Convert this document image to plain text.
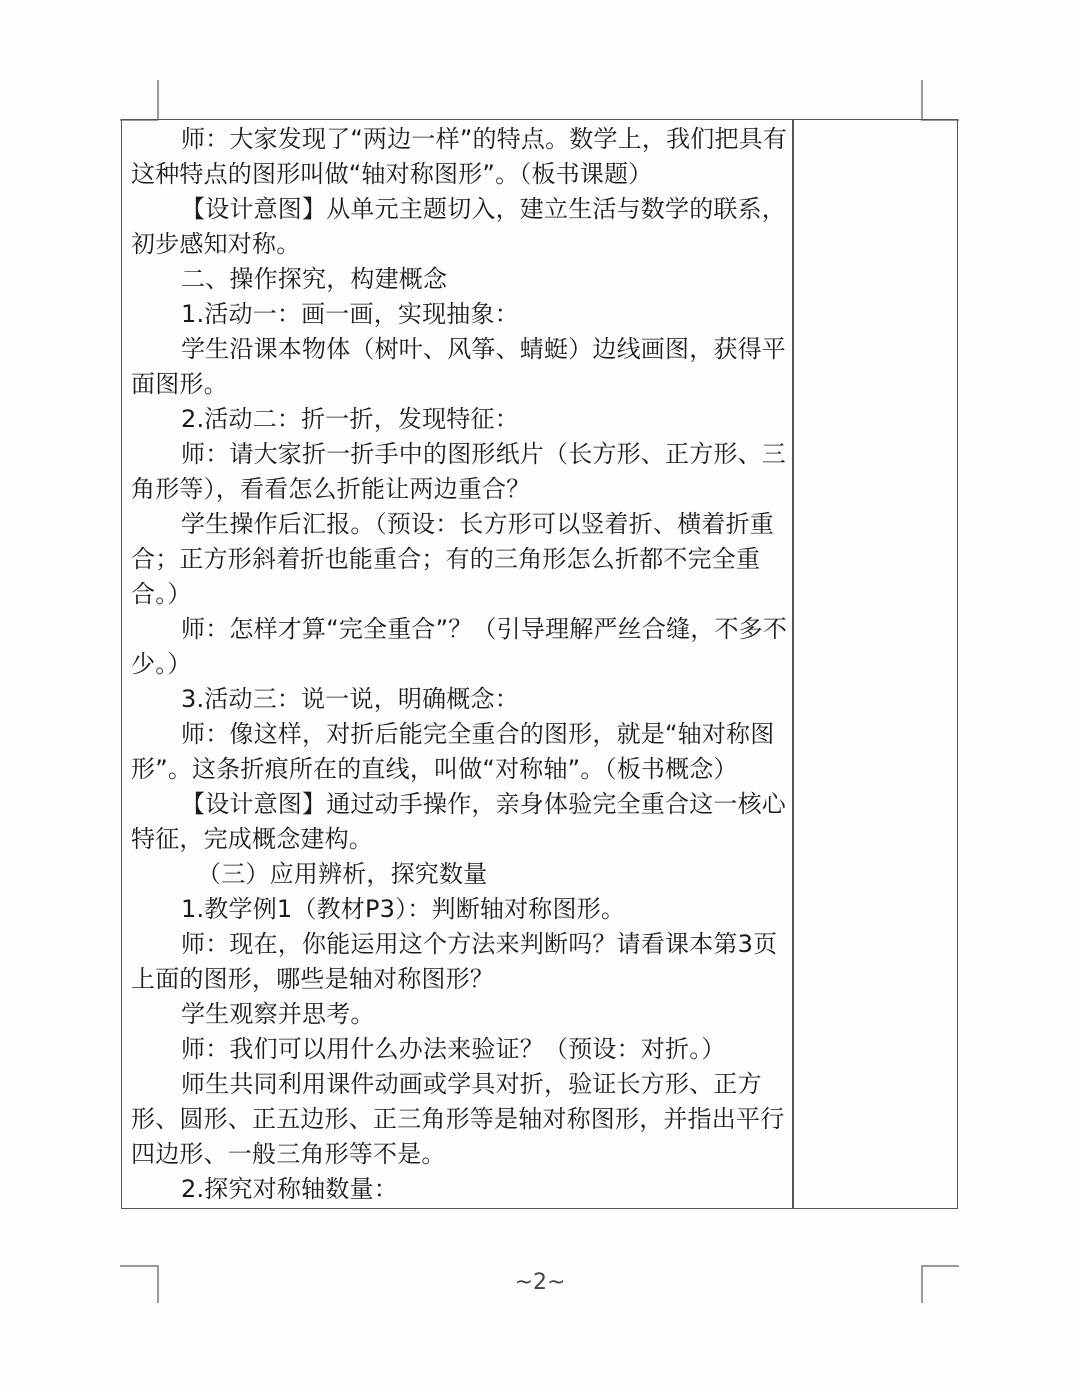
师：大家发现了“两边一样”的特点。数学上，我们把具有
这种特点的图形叫做“轴对称图形”。（板书课题）
【设计意图】从单元主题切入，建立生活与数学的联系，
初步感知对称。
二、操作探究，构建概念
1.活动一：画一画，实现抽象：
学生沿课本物体（树叶、风筝、蜻蜓）边线画图，获得平
面图形。
2.活动二：折一折，发现特征：
师：请大家折一折手中的图形纸片（长方形、正方形、三
角形等），看看怎么折能让两边重合？
学生操作后汇报。（预设：长方形可以竖着折、横着折重
合；正方形斜着折也能重合；有的三角形怎么折都不完全重
合。）
师：怎样才算“完全重合”？（引导理解严丝合缝，不多不
少。）
3.活动三：说一说，明确概念：
师：像这样，对折后能完全重合的图形，就是“轴对称图
形”。这条折痕所在的直线，叫做“对称轴”。（板书概念）
【设计意图】通过动手操作，亲身体验完全重合这一核心
特征，完成概念建构。
（三）应用辨析，探究数量
1.教学例1（教材P3）：判断轴对称图形。
师：现在，你能运用这个方法来判断吗？请看课本第3页
上面的图形，哪些是轴对称图形？
学生观察并思考。
师：我们可以用什么办法来验证？（预设：对折。）
师生共同利用课件动画或学具对折，验证长方形、正方
形、圆形、正五边形、正三角形等是轴对称图形，并指出平行
四边形、一般三角形等不是。
2.探究对称轴数量：
~2~
